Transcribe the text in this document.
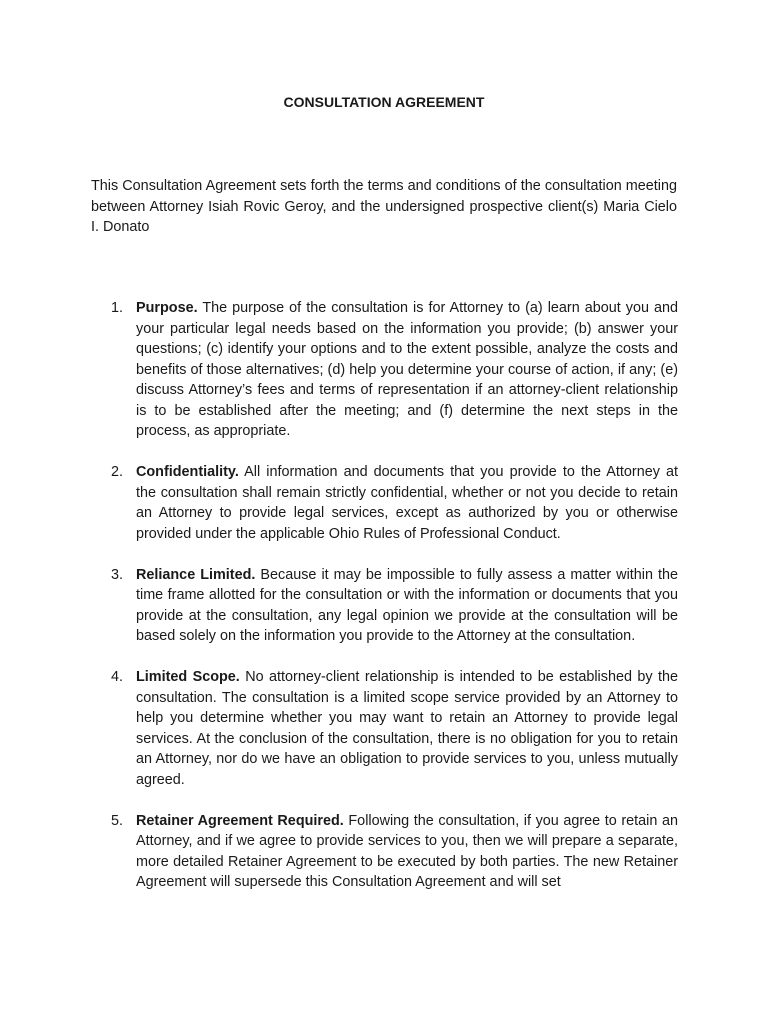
CONSULTATION AGREEMENT
This Consultation Agreement sets forth the terms and conditions of the consultation meeting between Attorney Isiah Rovic Geroy, and the undersigned prospective client(s) Maria Cielo I. Donato
1. Purpose. The purpose of the consultation is for Attorney to (a) learn about you and your particular legal needs based on the information you provide; (b) answer your questions; (c) identify your options and to the extent possible, analyze the costs and benefits of those alternatives; (d) help you determine your course of action, if any; (e) discuss Attorney’s fees and terms of representation if an attorney-client relationship is to be established after the meeting; and (f) determine the next steps in the process, as appropriate.
2. Confidentiality. All information and documents that you provide to the Attorney at the consultation shall remain strictly confidential, whether or not you decide to retain an Attorney to provide legal services, except as authorized by you or otherwise provided under the applicable Ohio Rules of Professional Conduct.
3. Reliance Limited. Because it may be impossible to fully assess a matter within the time frame allotted for the consultation or with the information or documents that you provide at the consultation, any legal opinion we provide at the consultation will be based solely on the information you provide to the Attorney at the consultation.
4. Limited Scope. No attorney-client relationship is intended to be established by the consultation. The consultation is a limited scope service provided by an Attorney to help you determine whether you may want to retain an Attorney to provide legal services. At the conclusion of the consultation, there is no obligation for you to retain an Attorney, nor do we have an obligation to provide services to you, unless mutually agreed.
5. Retainer Agreement Required. Following the consultation, if you agree to retain an Attorney, and if we agree to provide services to you, then we will prepare a separate, more detailed Retainer Agreement to be executed by both parties. The new Retainer Agreement will supersede this Consultation Agreement and will set
